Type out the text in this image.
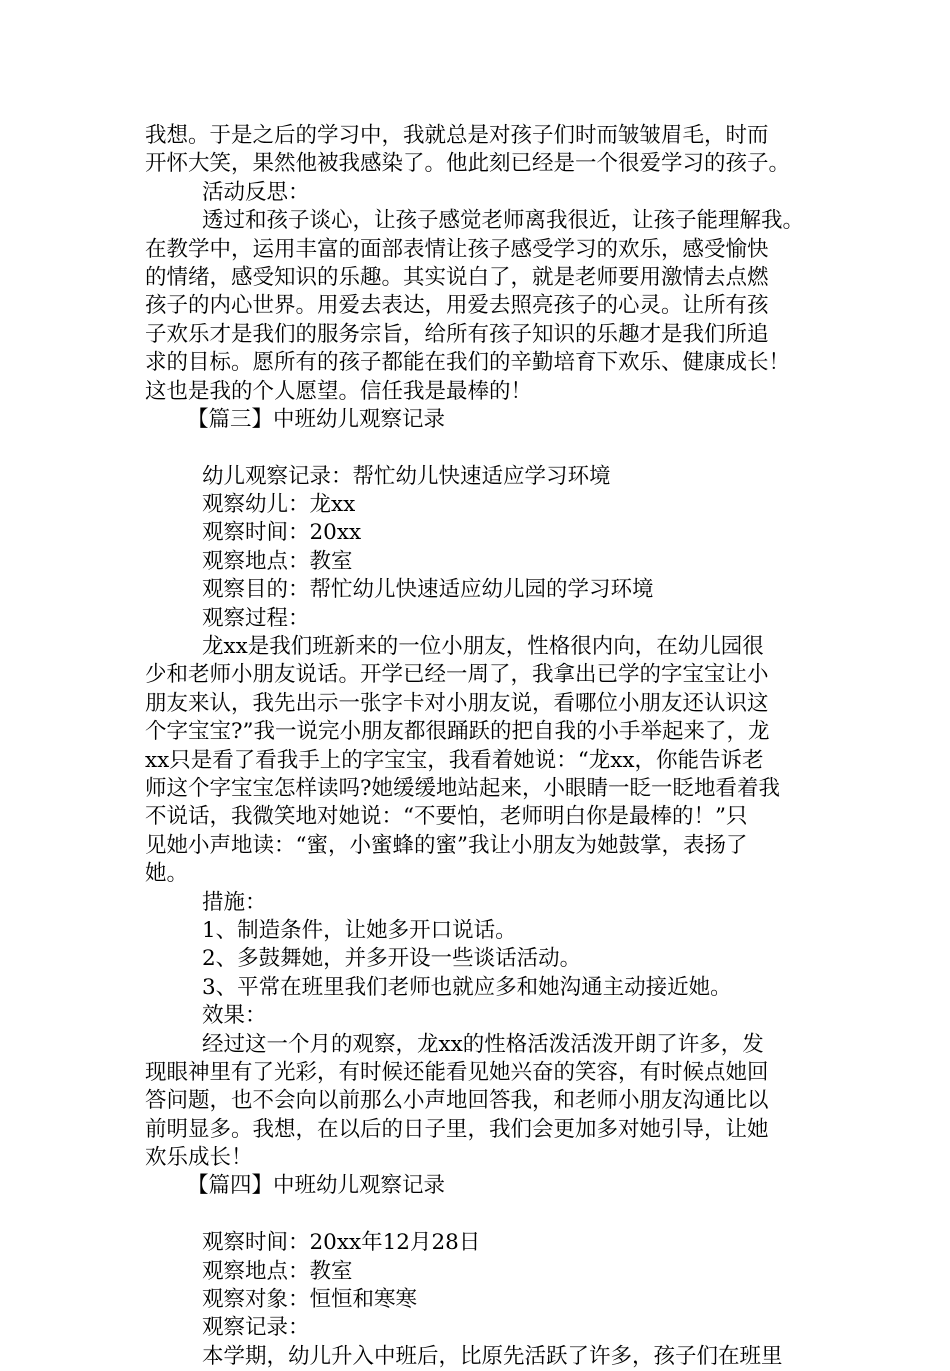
我想。于是之后的学习中，我就总是对孩子们时而皱皱眉毛，时而
开怀大笑，果然他被我感染了。他此刻已经是一个很爱学习的孩子。
活动反思：
透过和孩子谈心，让孩子感觉老师离我很近，让孩子能理解我。
在教学中，运用丰富的面部表情让孩子感受学习的欢乐，感受愉快
的情绪，感受知识的乐趣。其实说白了，就是老师要用激情去点燃
孩子的内心世界。用爱去表达，用爱去照亮孩子的心灵。让所有孩
子欢乐才是我们的服务宗旨，给所有孩子知识的乐趣才是我们所追
求的目标。愿所有的孩子都能在我们的辛勤培育下欢乐、健康成长！
这也是我的个人愿望。信任我是最棒的！
【篇三】中班幼儿观察记录
幼儿观察记录：帮忙幼儿快速适应学习环境
观察幼儿：龙xx
观察时间：20xx
观察地点：教室
观察目的：帮忙幼儿快速适应幼儿园的学习环境
观察过程：
龙xx是我们班新来的一位小朋友，性格很内向，在幼儿园很
少和老师小朋友说话。开学已经一周了，我拿出已学的字宝宝让小
朋友来认，我先出示一张字卡对小朋友说，看哪位小朋友还认识这
个字宝宝?”我一说完小朋友都很踊跃的把自我的小手举起来了，龙
xx只是看了看我手上的字宝宝，我看着她说：“龙xx，你能告诉老
师这个字宝宝怎样读吗?她缓缓地站起来，小眼睛一眨一眨地看着我
不说话，我微笑地对她说：“不要怕，老师明白你是最棒的！”只
见她小声地读：“蜜，小蜜蜂的蜜”我让小朋友为她鼓掌，表扬了
她。
措施：
1、制造条件，让她多开口说话。
2、多鼓舞她，并多开设一些谈话活动。
3、平常在班里我们老师也就应多和她沟通主动接近她。
效果：
经过这一个月的观察，龙xx的性格活泼活泼开朗了许多，发
现眼神里有了光彩，有时候还能看见她兴奋的笑容，有时候点她回
答问题，也不会向以前那么小声地回答我，和老师小朋友沟通比以
前明显多。我想，在以后的日子里，我们会更加多对她引导，让她
欢乐成长！
【篇四】中班幼儿观察记录
观察时间：20xx年12月28日
观察地点：教室
观察对象：恒恒和寒寒
观察记录：
本学期，幼儿升入中班后，比原先活跃了许多，孩子们在班里
